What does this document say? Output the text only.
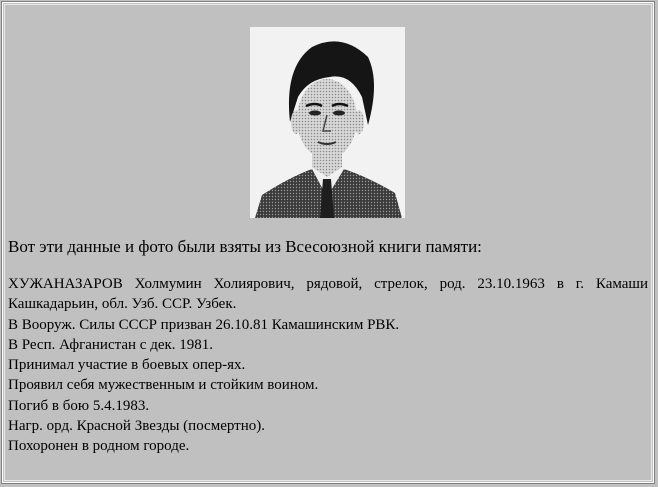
Вот эти данные и фото были взяты из Всесоюзной книги памяти:

ХУЖАНАЗАРОВ Холмумин Холиярович, рядовой, стрелок, род. 23.10.1963 в г. Камаши Кашкадарьин, обл. Узб. ССР. Узбек.

В Вооруж. Силы СССР призван 26.10.81 Камашинским РВК.

В Респ. Афганистан с дек. 1981.

Принимал участие в боевых опер-ях.

Проявил себя мужественным и стойким воином.

Погиб в бою 5.4.1983.

Нагр. орд. Красной Звезды (посмертно).

Похоронен в родном городе.
